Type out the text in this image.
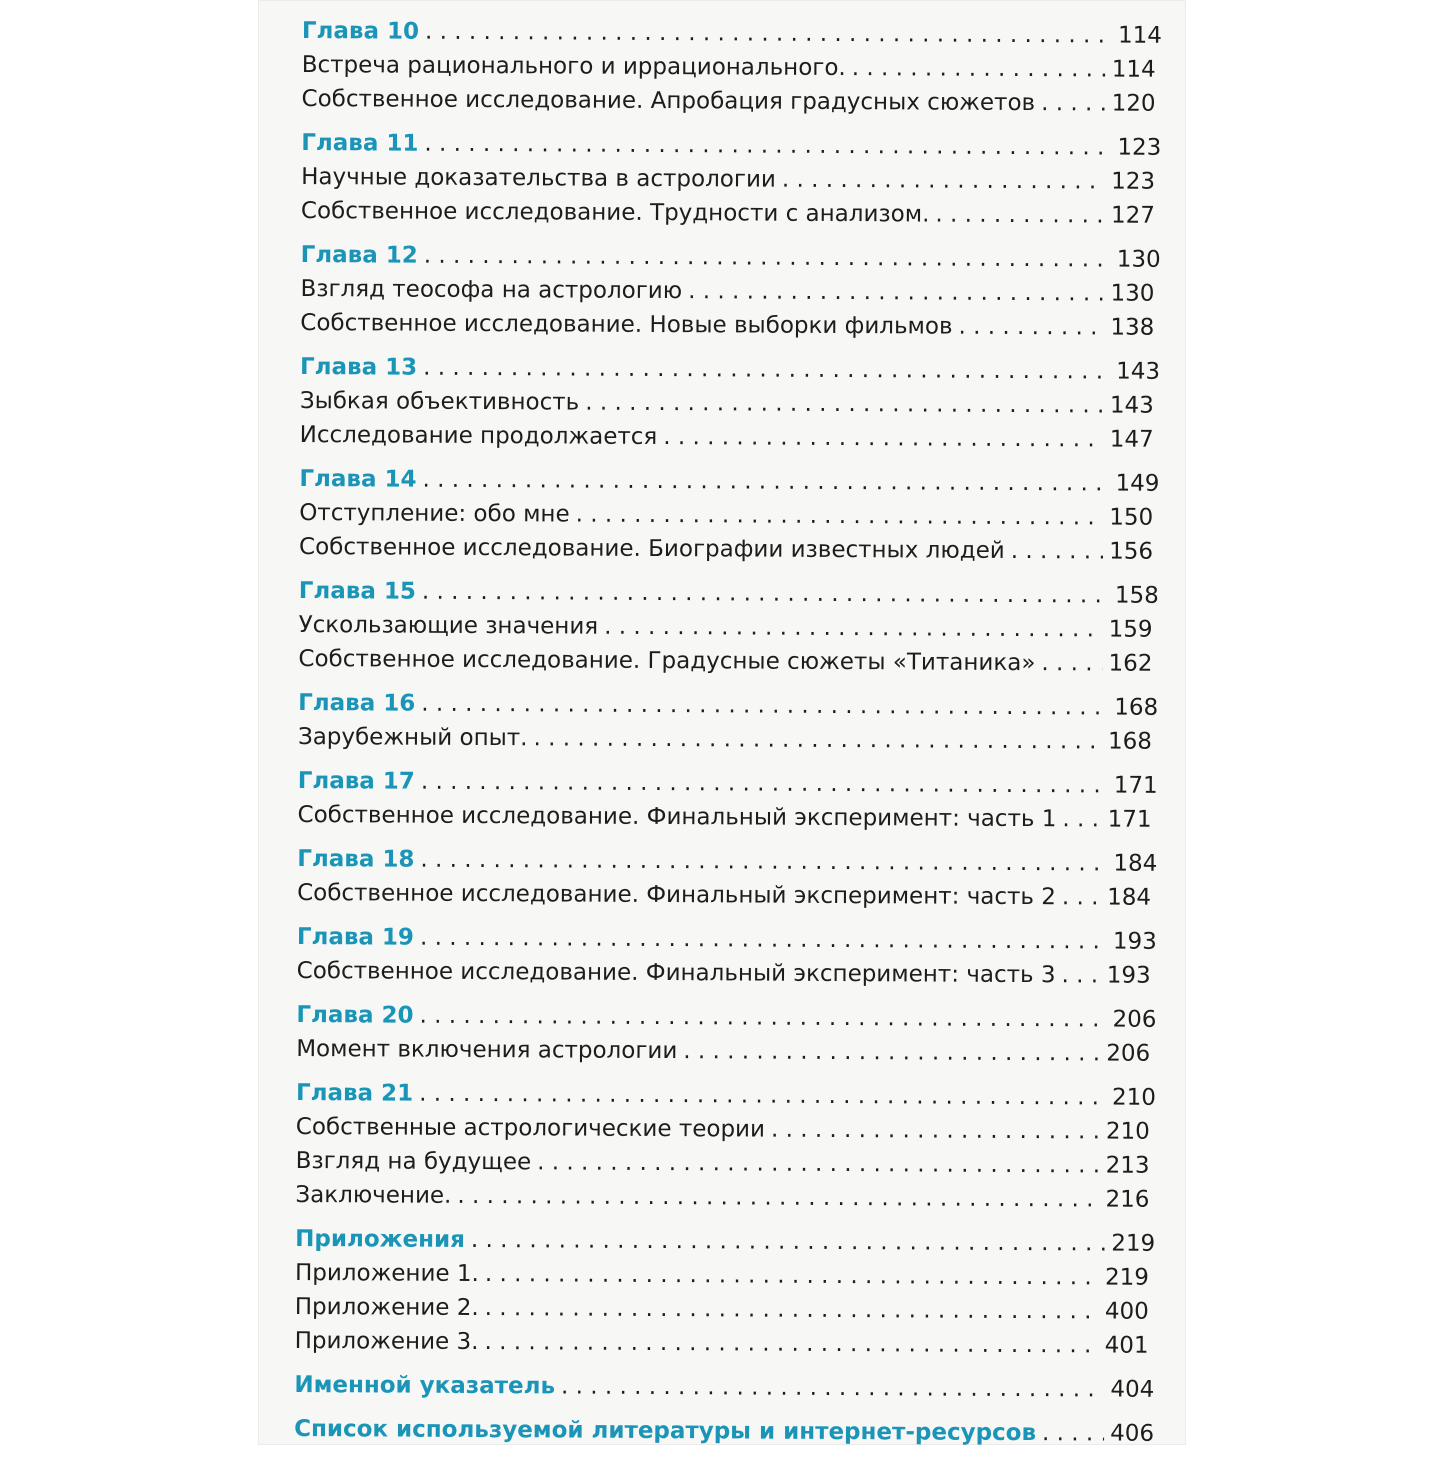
Глава 10 . . .	114
Встреча рационального и иррационального. . . .	114
Собственное исследование. Апробация градусных сюжетов . . .	120
Глава 11 . . .	123
Научные доказательства в астрологии . . .	123
Собственное исследование. Трудности с анализом. . . .	127
Глава 12 . . .	130
Взгляд теософа на астрологию . . .	130
Собственное исследование. Новые выборки фильмов . . .	138
Глава 13 . . .	143
Зыбкая объективность . . .	143
Исследование продолжается . . .	147
Глава 14 . . .	149
Отступление: обо мне . . .	150
Собственное исследование. Биографии известных людей . . .	156
Глава 15 . . .	158
Ускользающие значения . . .	159
Собственное исследование. Градусные сюжеты «Титаника» . . .	162
Глава 16 . . .	168
Зарубежный опыт. . . .	168
Глава 17 . . .	171
Собственное исследование. Финальный эксперимент: часть 1 . . . 171
Глава 18 . . .	184
Собственное исследование. Финальный эксперимент: часть 2 . . . 184
Глава 19 . . .	193
Собственное исследование. Финальный эксперимент: часть 3 . . . 193
Глава 20 . . .	206
Момент включения астрологии . . .	206
Глава 21 . . .	210
Собственные астрологические теории . . .	210
Взгляд на будущее . . .	213
Заключение. . . .	216
Приложения . . .	219
Приложение 1. . . .	219
Приложение 2. . . .	400
Приложение 3. . . .	401
Именной указатель . . .	404
Список используемой литературы и интернет-ресурсов . . .	406
